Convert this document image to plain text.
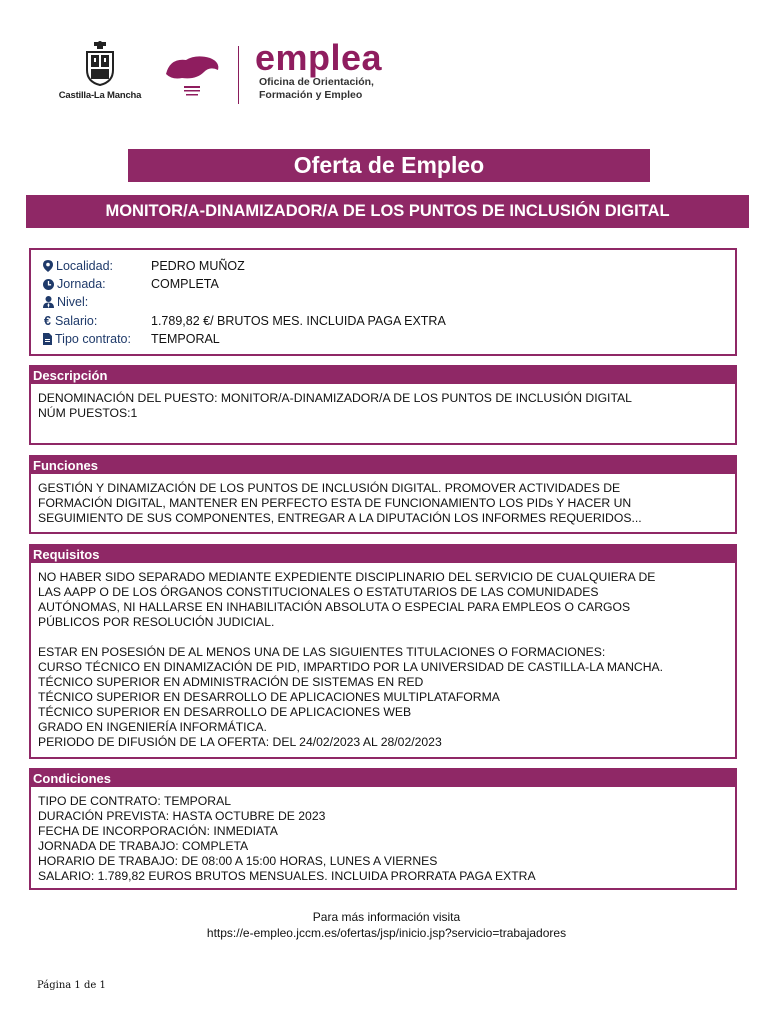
Castilla-La Mancha
emplea
Oficina de Orientación,
Formación y Empleo
Oferta de Empleo
MONITOR/A-DINAMIZADOR/A DE LOS PUNTOS DE INCLUSIÓN DIGITAL
Localidad:	PEDRO MUÑOZ
Jornada:	COMPLETA
Nivel:
€ Salario:	1.789,82 €/ BRUTOS MES. INCLUIDA PAGA EXTRA
Tipo contrato:	TEMPORAL
Descripción

DENOMINACIÓN DEL PUESTO: MONITOR/A-DINAMIZADOR/A DE LOS PUNTOS DE INCLUSIÓN DIGITAL

NÚM PUESTOS:1

Funciones

GESTIÓN Y DINAMIZACIÓN DE LOS PUNTOS DE INCLUSIÓN DIGITAL. PROMOVER ACTIVIDADES DE

FORMACIÓN DIGITAL, MANTENER EN PERFECTO ESTA DE FUNCIONAMIENTO LOS PIDs Y HACER UN

SEGUIMIENTO DE SUS COMPONENTES, ENTREGAR A LA DIPUTACIÓN LOS INFORMES REQUERIDOS...

Requisitos

NO HABER SIDO SEPARADO MEDIANTE EXPEDIENTE DISCIPLINARIO DEL SERVICIO DE CUALQUIERA DE

LAS AAPP O DE LOS ÓRGANOS CONSTITUCIONALES O ESTATUTARIOS DE LAS COMUNIDADES

AUTÓNOMAS, NI HALLARSE EN INHABILITACIÓN ABSOLUTA O ESPECIAL PARA EMPLEOS O CARGOS

PÚBLICOS POR RESOLUCIÓN JUDICIAL.

ESTAR EN POSESIÓN DE AL MENOS UNA DE LAS SIGUIENTES TITULACIONES O FORMACIONES:

CURSO TÉCNICO EN DINAMIZACIÓN DE PID, IMPARTIDO POR LA UNIVERSIDAD DE CASTILLA-LA MANCHA.

TÉCNICO SUPERIOR EN ADMINISTRACIÓN DE SISTEMAS EN RED

TÉCNICO SUPERIOR EN DESARROLLO DE APLICACIONES MULTIPLATAFORMA

TÉCNICO SUPERIOR EN DESARROLLO DE APLICACIONES WEB

GRADO EN INGENIERÍA INFORMÁTICA.

PERIODO DE DIFUSIÓN DE LA OFERTA: DEL 24/02/2023 AL 28/02/2023

Condiciones

TIPO DE CONTRATO: TEMPORAL

DURACIÓN PREVISTA: HASTA OCTUBRE DE 2023

FECHA DE INCORPORACIÓN: INMEDIATA

JORNADA DE TRABAJO: COMPLETA

HORARIO DE TRABAJO: DE 08:00 A 15:00 HORAS, LUNES A VIERNES

SALARIO: 1.789,82 EUROS BRUTOS MENSUALES. INCLUIDA PRORRATA PAGA EXTRA

Para más información visita
https://e-empleo.jccm.es/ofertas/jsp/inicio.jsp?servicio=trabajadores
Página 1 de 1
